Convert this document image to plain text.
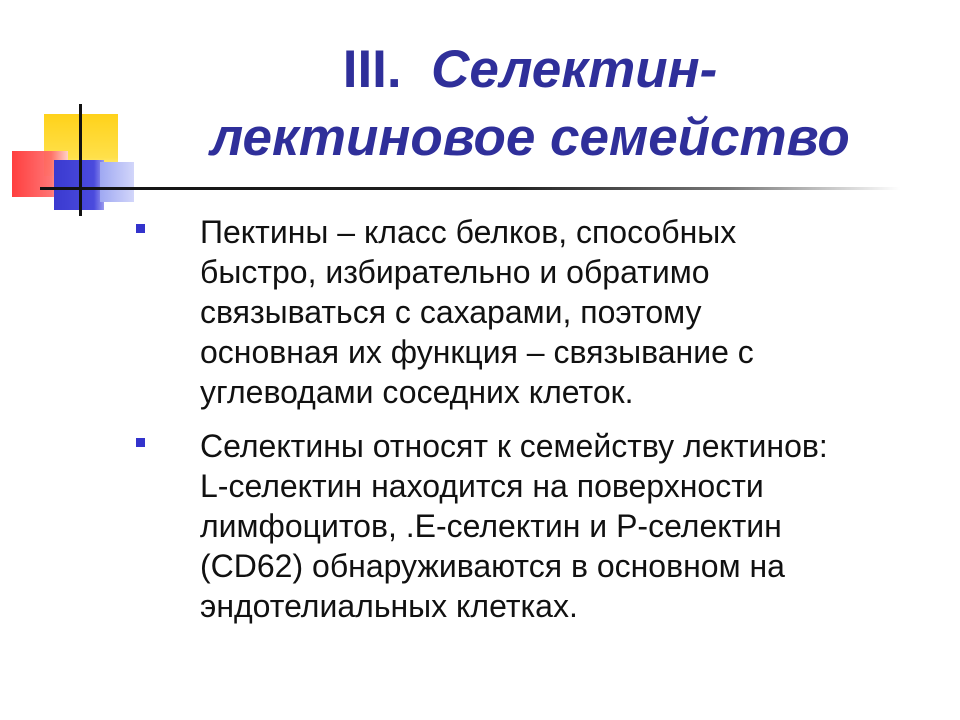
III. Селектин-
лектиновое семейство
Пектины – класс белков, способных
быстро, избирательно и обратимо
связываться с сахарами, поэтому
основная их функция – связывание с
углеводами соседних клеток.
Селектины относят к семейству лектинов:
L-селектин находится на поверхности
лимфоцитов, .Е-селектин и Р-селектин
(CD62) обнаруживаются в основном на
эндотелиальных клетках.
